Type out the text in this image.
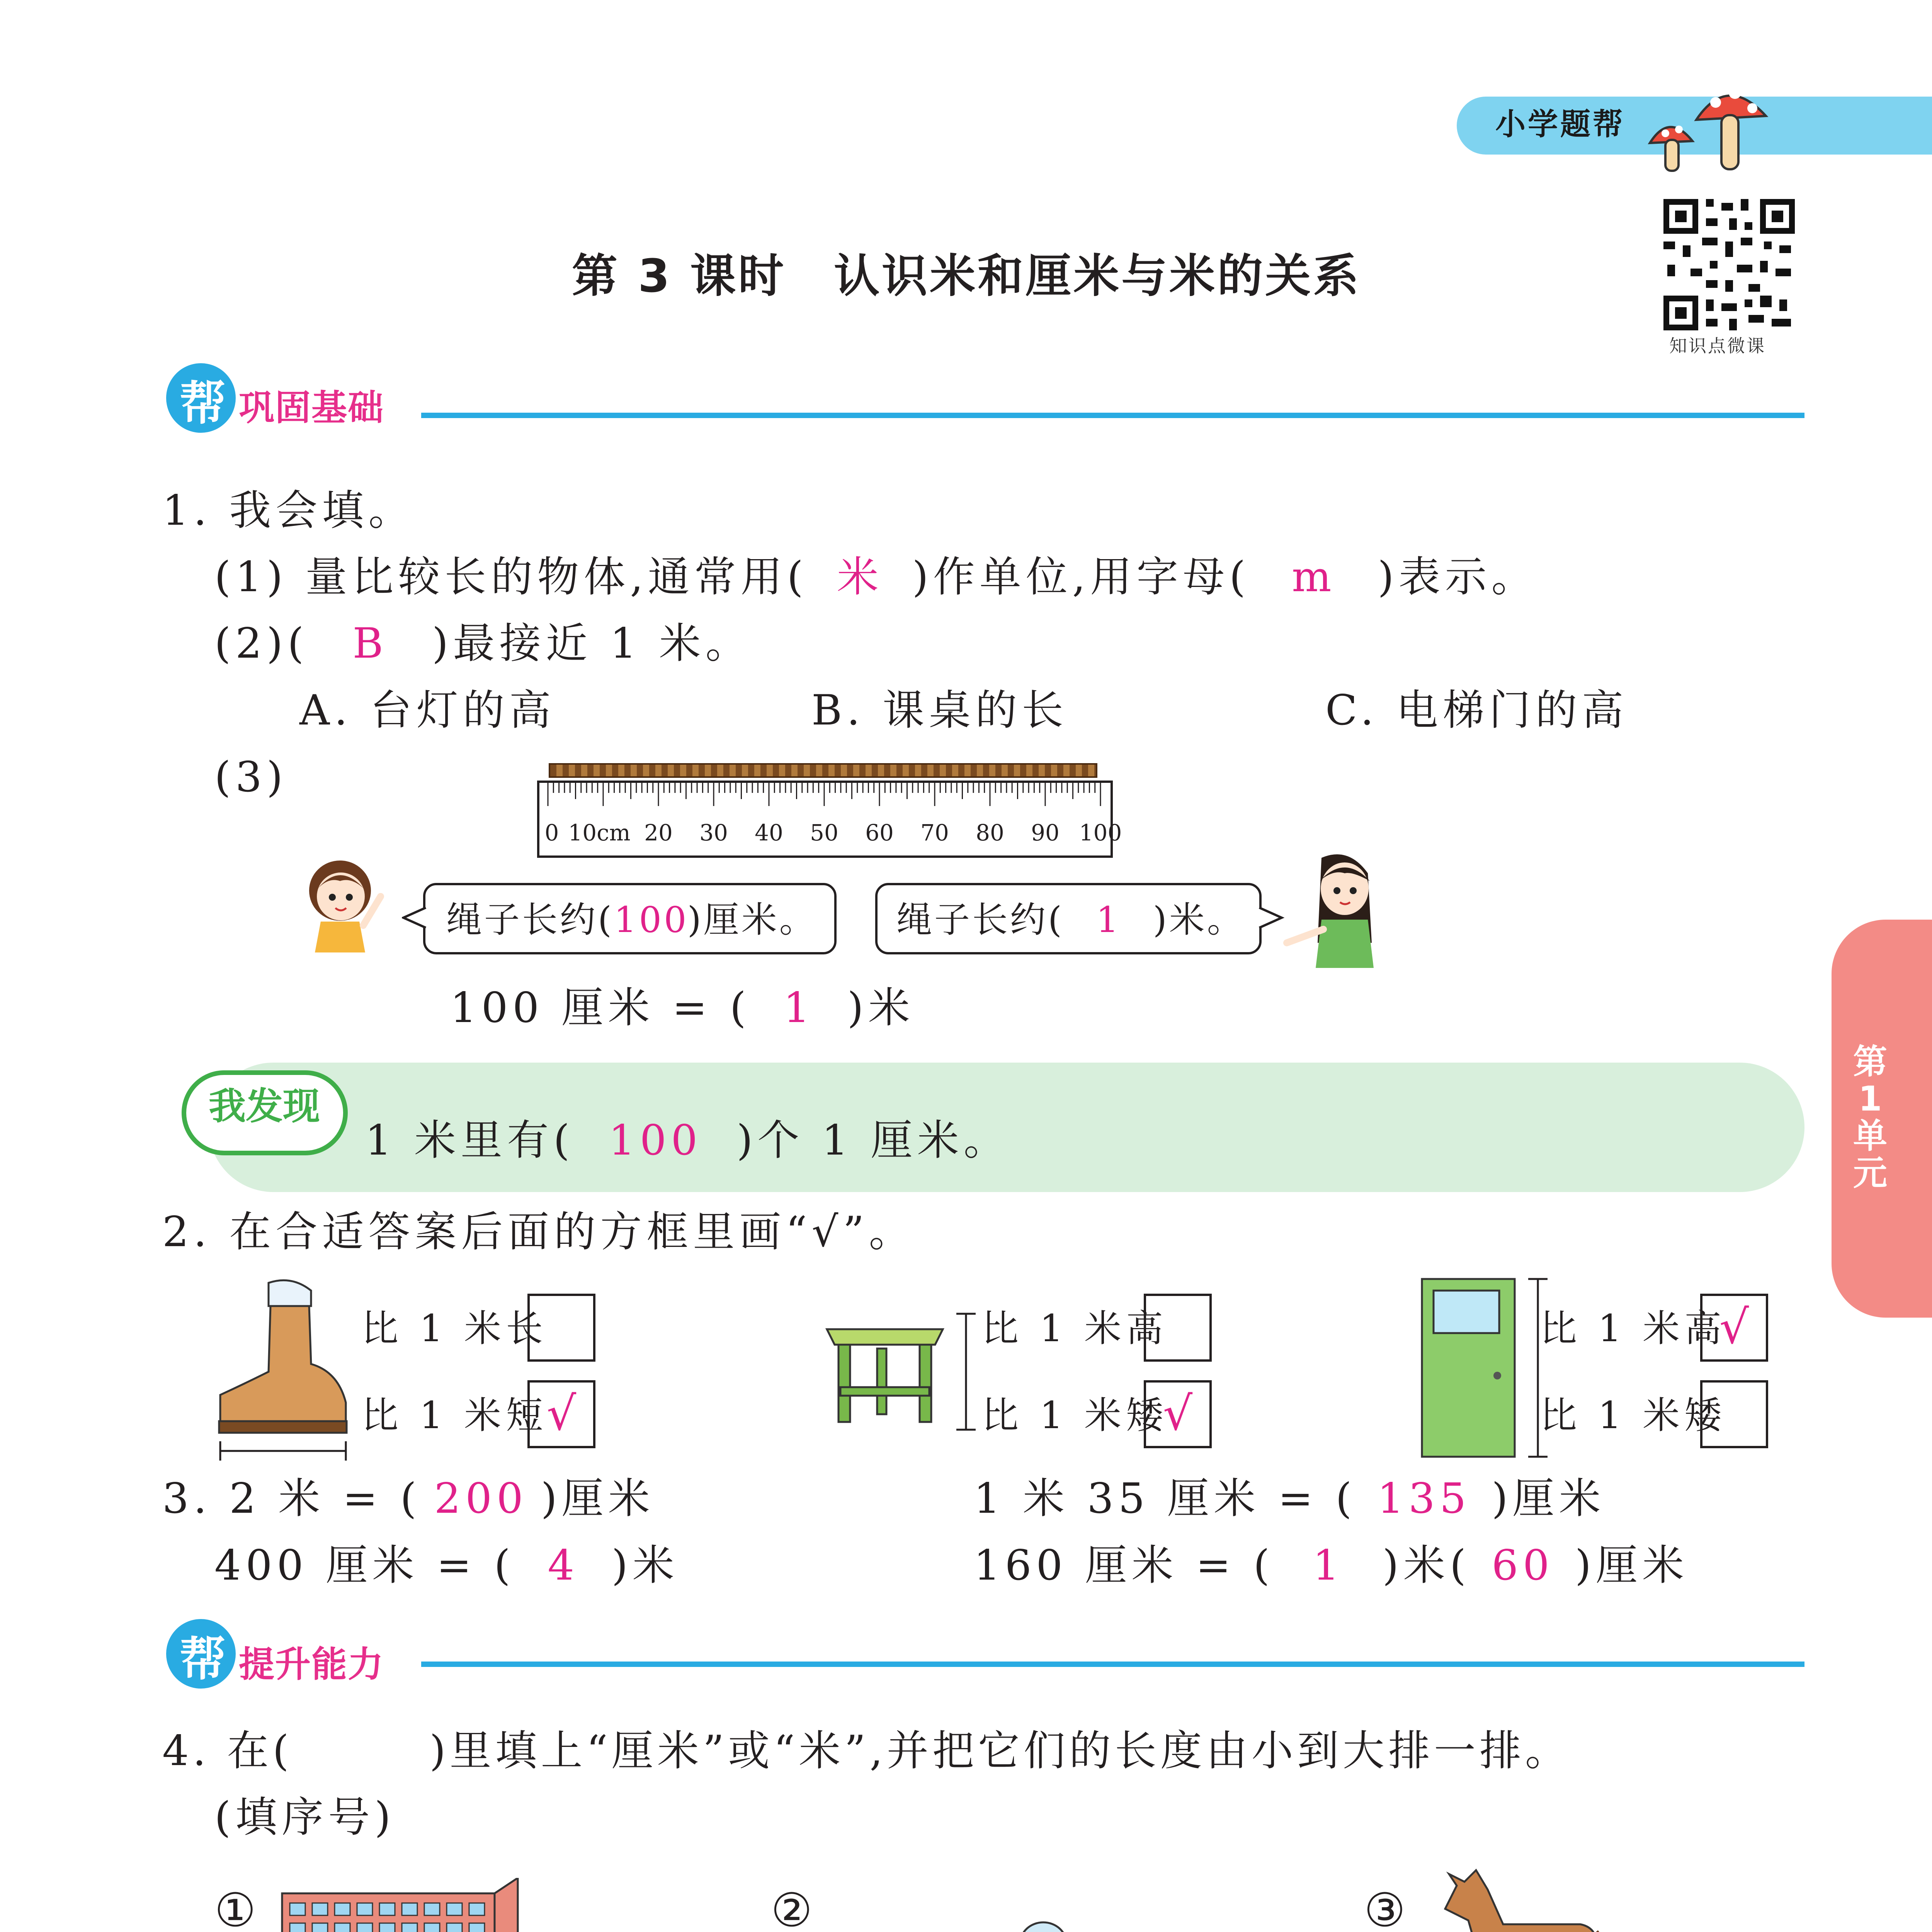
小学题帮
知识点微课
第 3 课时　认识米和厘米与米的关系
第1单元
帮 巩固基础
1. 我会填。
(1) 量比较长的物体,通常用( 米 )作单位,用字母( m )表示。
(2)( B )最接近 1 米。
A. 台灯的高	B. 课桌的长	C. 电梯门的高
(3)
0 10cm 20 30 40 50 60 70 80 90 100
绳子长约(100)厘米。 绳子长约( 1 )米。
100 厘米 = ( 1 )米
我发现
1 米里有( 100 )个 1 厘米。
2. 在合适答案后面的方框里画“√”。
比 1 米长
比 1 米短
√
比 1 米高
比 1 米矮
√
比 1 米高
√
比 1 米矮
3. 2 米 = ( 200 )厘米
400 厘米 = ( 4 )米
1 米 35 厘米 = ( 135 )厘米
160 厘米 = ( 1 )米( 60 )厘米
帮 提升能力
4. 在(　　　)里填上“厘米”或“米”,并把它们的长度由小到大排一排。
(填序号)
①	②	③
